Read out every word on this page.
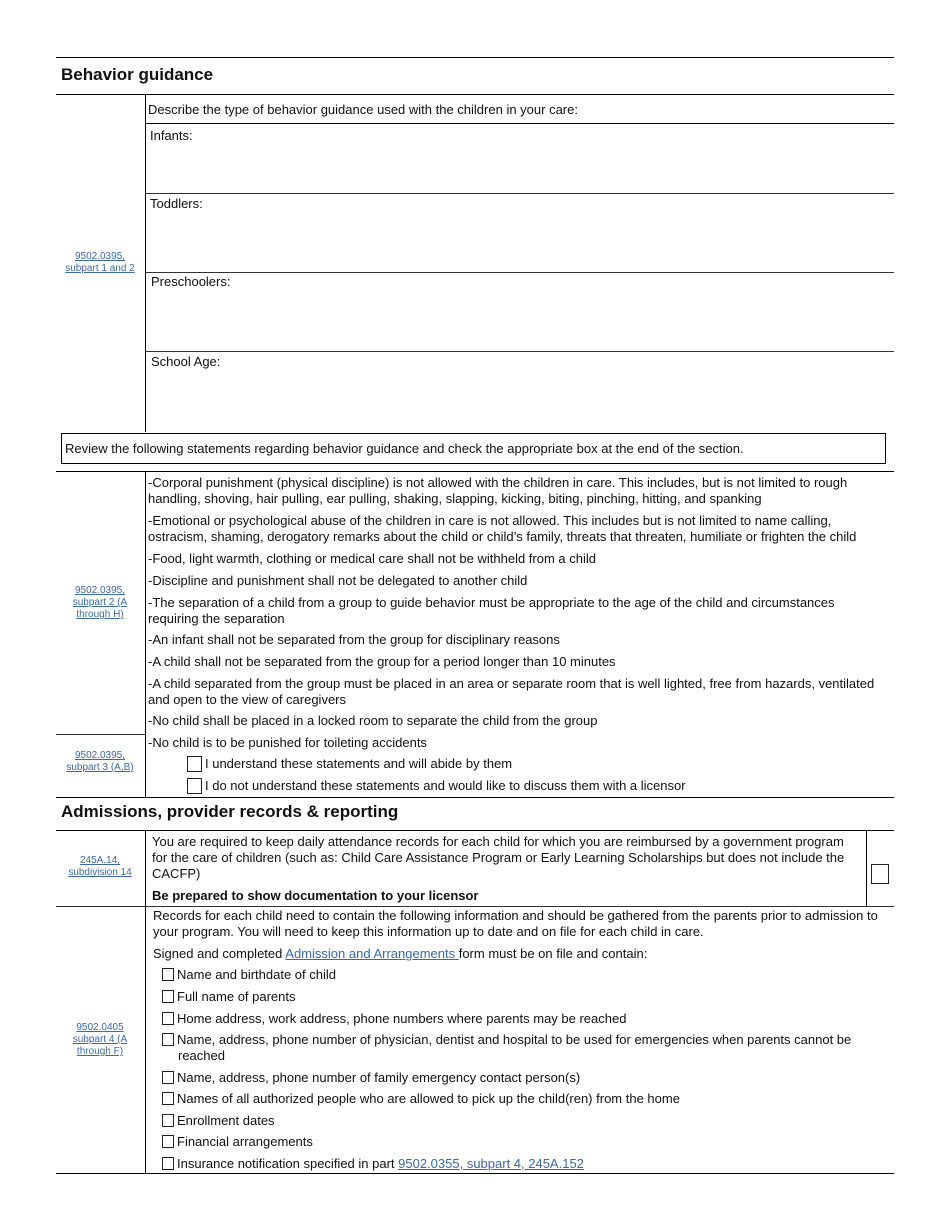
Behavior guidance
9502.0395, subpart 1 and 2
Describe the type of behavior guidance used with the children in your care:
Infants:
Toddlers:
Preschoolers:
School Age:
Review the following statements regarding behavior guidance and check the appropriate box at the end of the section.
9502.0395, subpart 2 (A through H)
9502.0395, subpart 3 (A,B)
-Corporal punishment (physical discipline) is not allowed with the children in care. This includes, but is not limited to rough handling, shoving, hair pulling, ear pulling, shaking, slapping, kicking, biting, pinching, hitting, and spanking
-Emotional or psychological abuse of the children in care is not allowed. This includes but is not limited to name calling, ostracism, shaming, derogatory remarks about the child or child’s family, threats that threaten, humiliate or frighten the child
-Food, light warmth, clothing or medical care shall not be withheld from a child
-Discipline and punishment shall not be delegated to another child
-The separation of a child from a group to guide behavior must be appropriate to the age of the child and circumstances requiring the separation
-An infant shall not be separated from the group for disciplinary reasons
-A child shall not be separated from the group for a period longer than 10 minutes
-A child separated from the group must be placed in an area or separate room that is well lighted, free from hazards, ventilated and open to the view of caregivers
-No child shall be placed in a locked room to separate the child from the group
-No child is to be punished for toileting accidents
I understand these statements and will abide by them
I do not understand these statements and would like to discuss them with a licensor
Admissions, provider records & reporting
245A.14, subdivision 14
You are required to keep daily attendance records for each child for which you are reimbursed by a government program for the care of children (such as: Child Care Assistance Program or Early Learning Scholarships but does not include the CACFP)
Be prepared to show documentation to your licensor
9502.0405 subpart 4 (A through F)
Records for each child need to contain the following information and should be gathered from the parents prior to admission to your program. You will need to keep this information up to date and on file for each child in care.
Signed and completed Admission and Arrangements form must be on file and contain:
Name and birthdate of child
Full name of parents
Home address, work address, phone numbers where parents may be reached
Name, address, phone number of physician, dentist and hospital to be used for emergencies when parents cannot be reached
Name, address, phone number of family emergency contact person(s)
Names of all authorized people who are allowed to pick up the child(ren) from the home
Enrollment dates
Financial arrangements
Insurance notification specified in part 9502.0355, subpart 4, 245A.152
